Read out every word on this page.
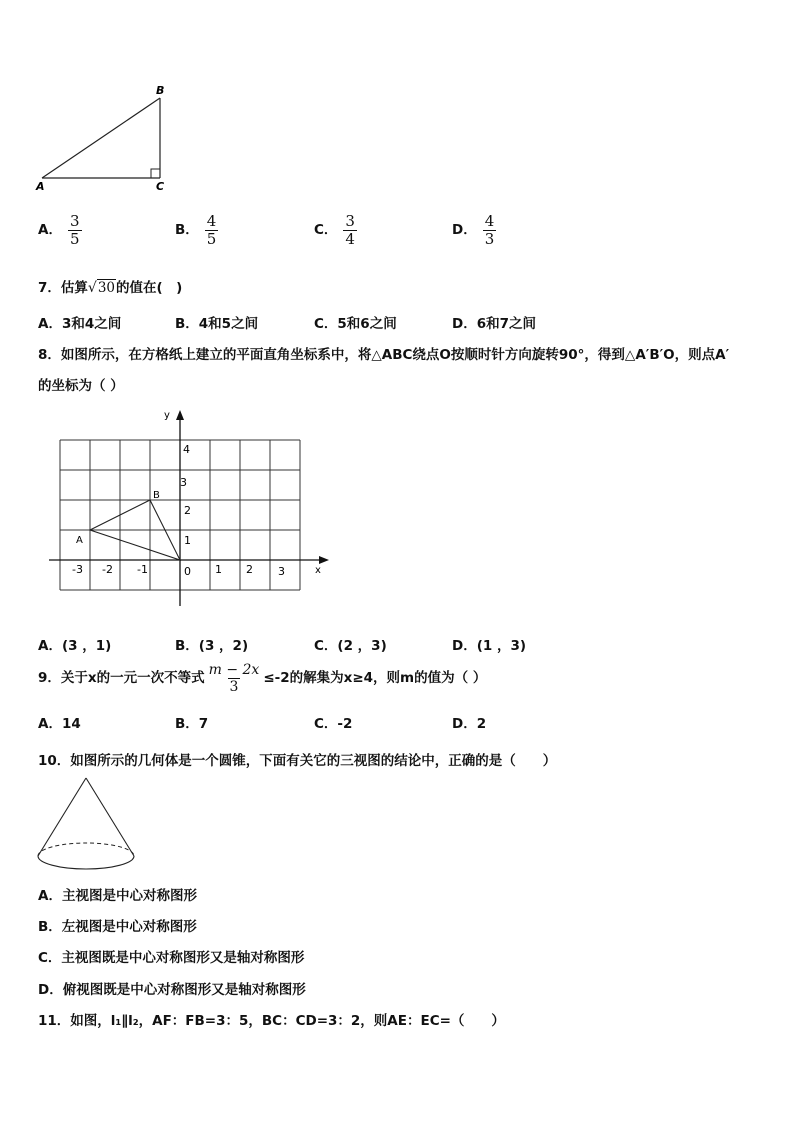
A	C
B
A． $\frac{3}{5}$	B． $\frac{4}{5}$	C． $\frac{3}{4}$	D． $\frac{4}{3}$
7．估算√30的值在(　)
A．3和4之间	B．4和5之间	C．5和6之间	D．6和7之间
8．如图所示，在方格纸上建立的平面直角坐标系中，将△ABC绕点O按顺时针方向旋转90°，得到△A′B′O，则点A′
的坐标为（ ）
x
y
A
B
-3 -2 -1	0 1 2 3
1
2
3
4
A．(3 ，1)	B．(3 ，2)	C．(2 ，3)	D．(1 ，3)
9．关于x的一元一次不等式 $\frac{m - 2x}{3} \le-2$的解集为x≥4，则m的值为（ ）
A．14	B．7	C．-2	D．2
10．如图所示的几何体是一个圆锥，下面有关它的三视图的结论中，正确的是（　　）
A．主视图是中心对称图形
B．左视图是中心对称图形
C．主视图既是中心对称图形又是轴对称图形
D．俯视图既是中心对称图形又是轴对称图形
11．如图，l₁∥l₂，AF：FB=3：5，BC：CD=3：2，则AE：EC=（　　）
